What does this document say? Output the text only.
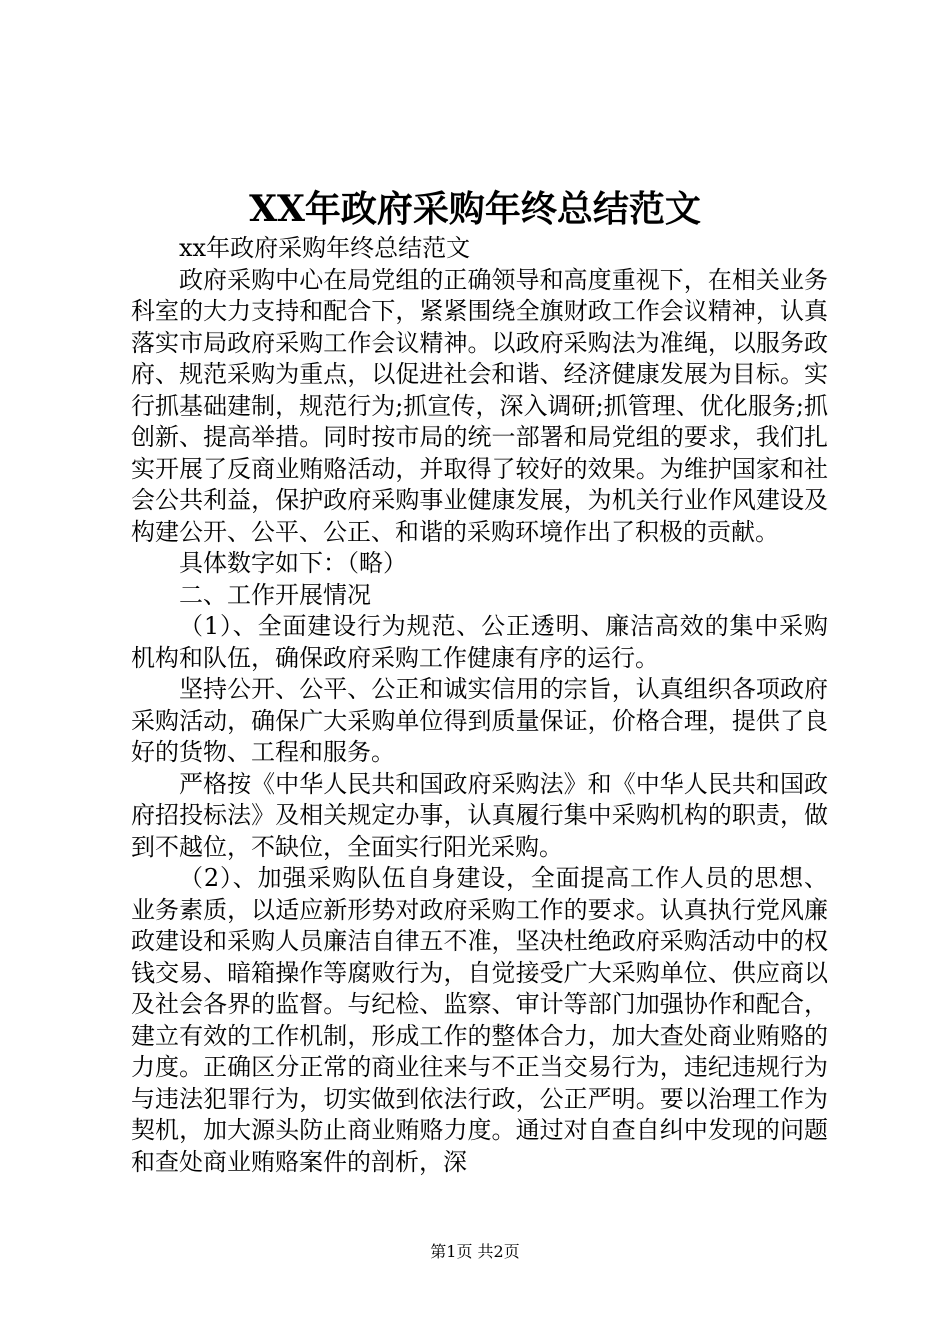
XX年政府采购年终总结范文

xx年政府采购年终总结范文

政府采购中心在局党组的正确领导和高度重视下，在相关业务科室的大力支持和配合下，紧紧围绕全旗财政工作会议精神，认真落实市局政府采购工作会议精神。以政府采购法为准绳，以服务政府、规范采购为重点，以促进社会和谐、经济健康发展为目标。实行抓基础建制，规范行为;抓宣传，深入调研;抓管理、优化服务;抓创新、提高举措。同时按市局的统一部署和局党组的要求，我们扎实开展了反商业贿赂活动，并取得了较好的效果。为维护国家和社会公共利益，保护政府采购事业健康发展，为机关行业作风建设及构建公开、公平、公正、和谐的采购环境作出了积极的贡献。

具体数字如下：（略）

二、工作开展情况

（1）、全面建设行为规范、公正透明、廉洁高效的集中采购机构和队伍，确保政府采购工作健康有序的运行。

坚持公开、公平、公正和诚实信用的宗旨，认真组织各项政府采购活动，确保广大采购单位得到质量保证，价格合理，提供了良好的货物、工程和服务。

严格按《中华人民共和国政府采购法》和《中华人民共和国政府招投标法》及相关规定办事，认真履行集中采购机构的职责，做到不越位，不缺位，全面实行阳光采购。

（2）、加强采购队伍自身建设，全面提高工作人员的思想、业务素质，以适应新形势对政府采购工作的要求。认真执行党风廉政建设和采购人员廉洁自律五不准，坚决杜绝政府采购活动中的权钱交易、暗箱操作等腐败行为，自觉接受广大采购单位、供应商以及社会各界的监督。与纪检、监察、审计等部门加强协作和配合，建立有效的工作机制，形成工作的整体合力，加大查处商业贿赂的力度。正确区分正常的商业往来与不正当交易行为，违纪违规行为与违法犯罪行为，切实做到依法行政，公正严明。要以治理工作为契机，加大源头防止商业贿赂力度。通过对自查自纠中发现的问题和查处商业贿赂案件的剖析，深

第1页 共2页
